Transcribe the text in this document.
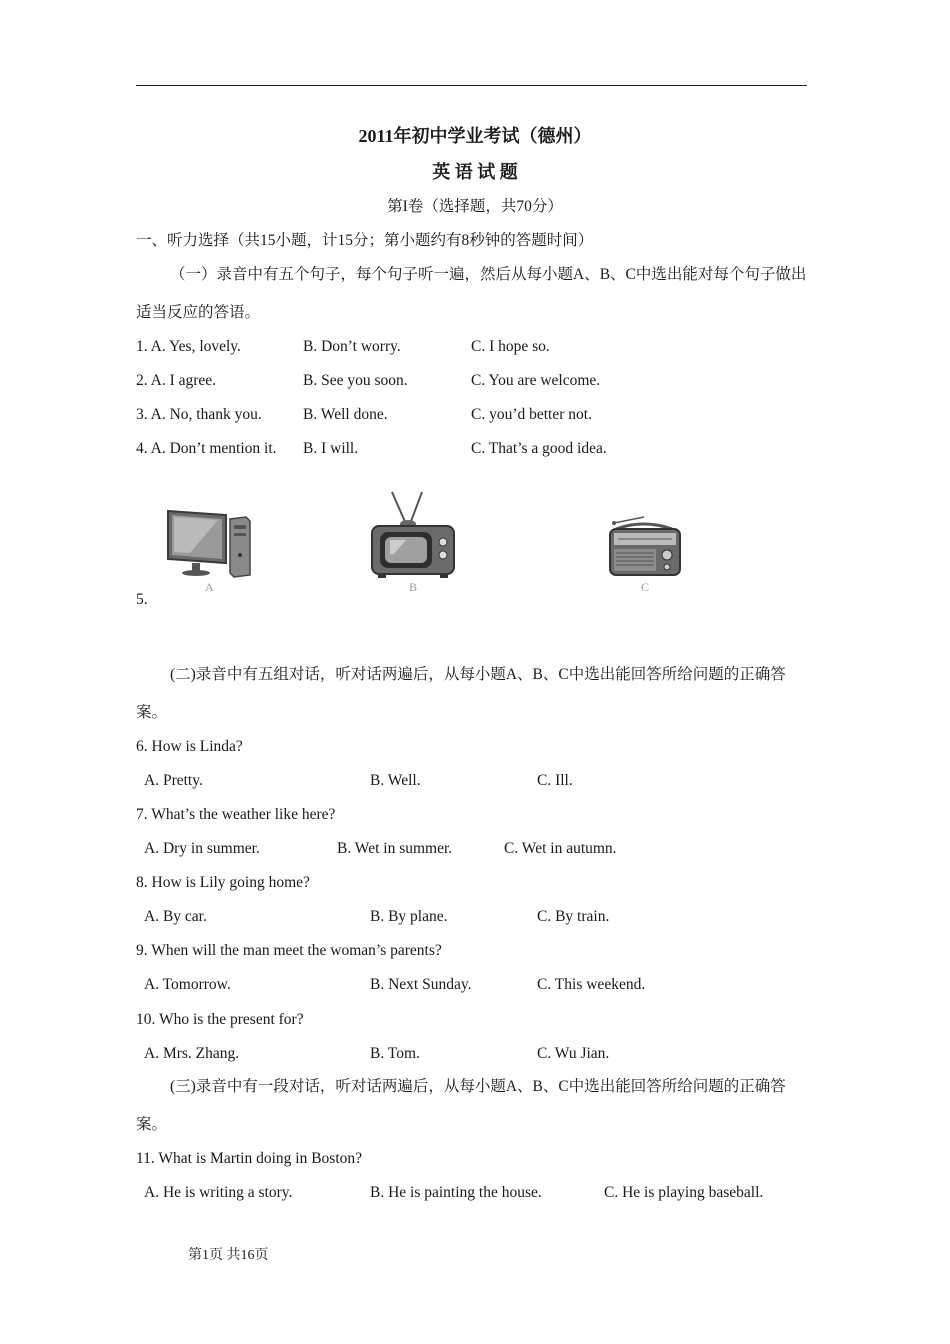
2011年初中学业考试（德州）
英 语 试 题
第I卷（选择题，共70分）
一、听力选择（共15小题，计15分；第小题约有8秒钟的答题时间）
（一）录音中有五个句子，每个句子听一遍，然后从每小题A、B、C中选出能对每个句子做出适当反应的答语。
1. A. Yes, lovely.	B. Don’t worry.	C. I hope so.
2. A. I agree.	B. See you soon.	C. You are welcome.
3. A. No, thank you.	B. Well done.	C. you’d better not.
4. A. Don’t mention it. B. I will.	C. That’s a good idea.
5.
A	B	C
(二)录音中有五组对话，听对话两遍后，从每小题A、B、C中选出能回答所给问题的正确答案。
6. How is Linda?
A. Pretty.	B. Well.	C. Ill.
7. What’s the weather like here?
A. Dry in summer.	B. Wet in summer.	C. Wet in autumn.
8. How is Lily going home?
A. By car.	B. By plane.	C. By train.
9. When will the man meet the woman’s parents?
A. Tomorrow.	B. Next Sunday.	C. This weekend.
10. Who is the present for?
A. Mrs. Zhang.	B. Tom.	C. Wu Jian.
(三)录音中有一段对话，听对话两遍后，从每小题A、B、C中选出能回答所给问题的正确答案。
11. What is Martin doing in Boston?
A. He is writing a story.	B. He is painting the house.	C. He is playing baseball.
第1页 共16页
